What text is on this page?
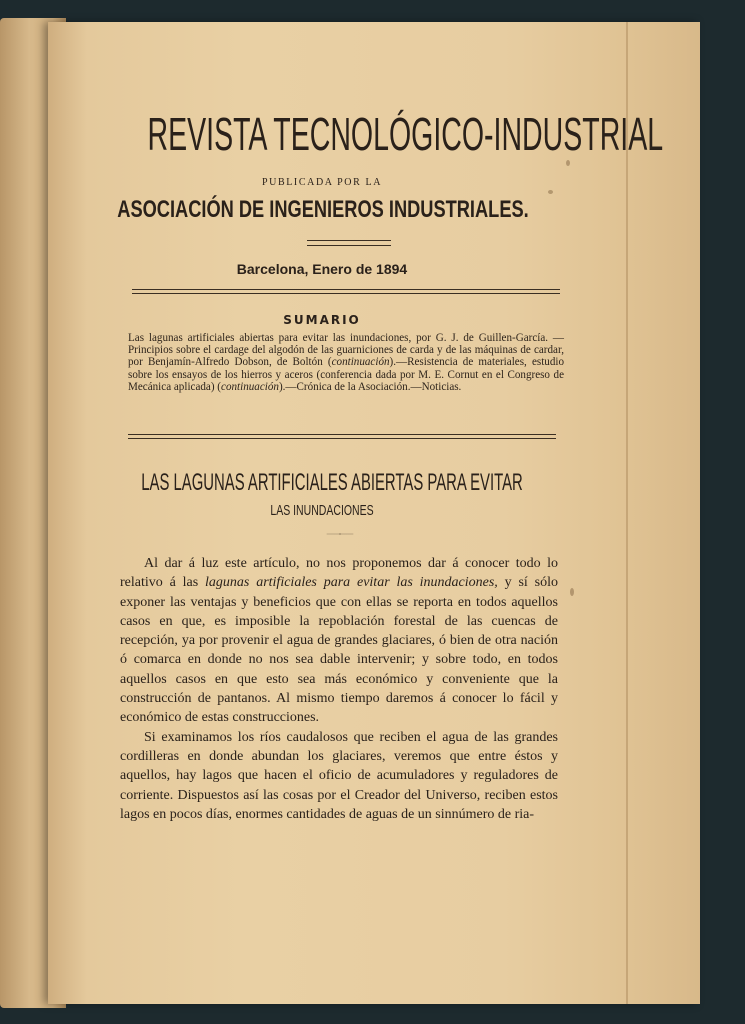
REVISTA TECNOLÓGICO-INDUSTRIAL
PUBLICADA POR LA
ASOCIACIÓN DE INGENIEROS INDUSTRIALES.
Barcelona, Enero de 1894
SUMARIO
Las lagunas artificiales abiertas para evitar las inundaciones, por G. J. de Guillen-García. —Principios sobre el cardage del algodón de las guarniciones de carda y de las máquinas de cardar, por Benjamín-Alfredo Dobson, de Boltón (continuación).—Resistencia de materiales, estudio sobre los ensayos de los hierros y aceros (conferencia dada por M. E. Cornut en el Congreso de Mecánica aplicada) (continuación).—Crónica de la Asociación.—Noticias.
LAS LAGUNAS ARTIFICIALES ABIERTAS PARA EVITAR
LAS INUNDACIONES

Al dar á luz este artículo, no nos proponemos dar á conocer todo lo relativo á las lagunas artificiales para evitar las inundaciones, y sí sólo exponer las ventajas y beneficios que con ellas se reporta en todos aquellos casos en que, es imposible la repoblación forestal de las cuencas de recepción, ya por provenir el agua de grandes glaciares, ó bien de otra nación ó comarca en donde no nos sea dable intervenir; y sobre todo, en todos aquellos casos en que esto sea más económico y conveniente que la construcción de pantanos. Al mismo tiempo daremos á conocer lo fácil y económico de estas construcciones.

Si examinamos los ríos caudalosos que reciben el agua de las grandes cordilleras en donde abundan los glaciares, veremos que entre éstos y aquellos, hay lagos que hacen el oficio de acumuladores y reguladores de corriente. Dispuestos así las cosas por el Creador del Universo, reciben estos lagos en pocos días, enormes cantidades de aguas de un sinnúmero de ria-
